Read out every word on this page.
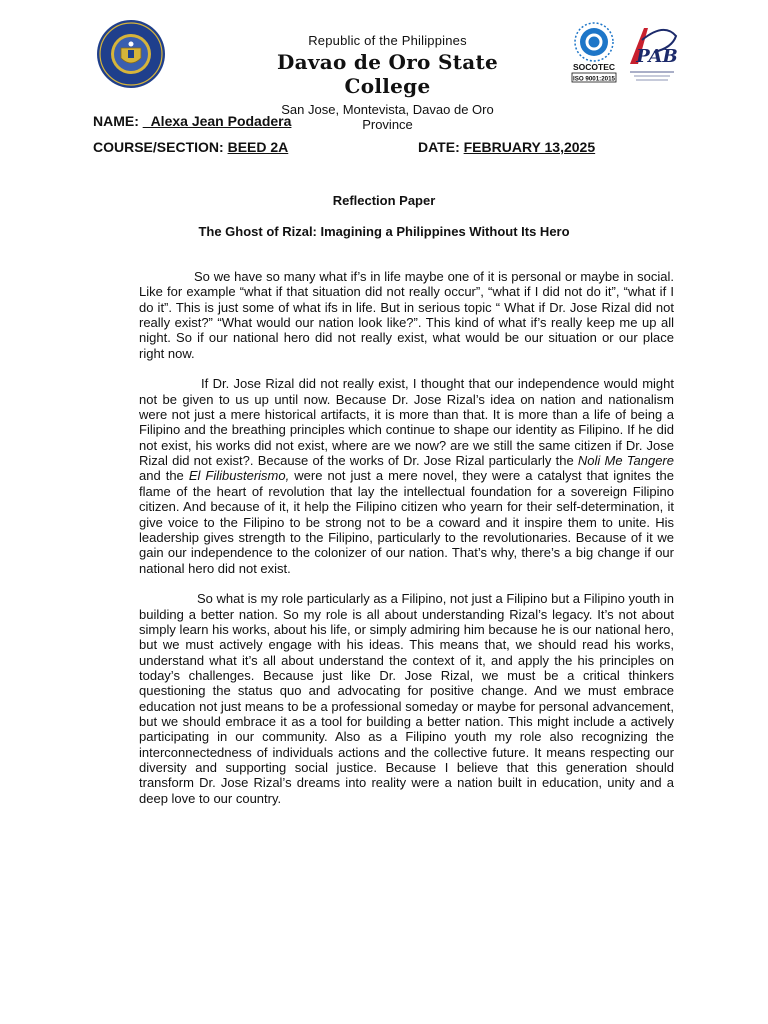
Republic of the Philippines
Davao de Oro State College
San Jose, Montevista, Davao de Oro Province
SOCOTEC
ISO 9001:2015
PAB
NAME: _Alexa Jean Podadera
COURSE/SECTION: BEED 2A	DATE: FEBRUARY 13,2025
Reflection Paper
The Ghost of Rizal: Imagining a Philippines Without Its Hero

So we have so many what if’s in life maybe one of it is personal or maybe in social. Like for example “what if that situation did not really occur”, “what if I did not do it”, “what if I do it”. This is just some of what ifs in life. But in serious topic “ What if Dr. Jose Rizal did not really exist?” “What would our nation look like?”. This kind of what if’s really keep me up all night. So if our national hero did not really exist, what would be our situation or our place right now.

If Dr. Jose Rizal did not really exist, I thought that our independence would might not be given to us up until now. Because Dr. Jose Rizal’s idea on nation and nationalism were not just a mere historical artifacts, it is more than that. It is more than a life of being a Filipino and the breathing principles which continue to shape our identity as Filipino. If he did not exist, his works did not exist, where are we now? are we still the same citizen if Dr. Jose Rizal did not exist?. Because of the works of Dr. Jose Rizal particularly the Noli Me Tangere and the El Filibusterismo, were not just a mere novel, they were a catalyst that ignites the flame of the heart of revolution that lay the intellectual foundation for a sovereign Filipino citizen. And because of it, it help the Filipino citizen who yearn for their self-determination, it give voice to the Filipino to be strong not to be a coward and it inspire them to unite. His leadership gives strength to the Filipino, particularly to the revolutionaries. Because of it we gain our independence to the colonizer of our nation. That’s why, there’s a big change if our national hero did not exist.

So what is my role particularly as a Filipino, not just a Filipino but a Filipino youth in building a better nation. So my role is all about understanding Rizal’s legacy. It’s not about simply learn his works, about his life, or simply admiring him because he is our national hero, but we must actively engage with his ideas. This means that, we should read his works, understand what it’s all about understand the context of it, and apply the his principles on today’s challenges. Because just like Dr. Jose Rizal, we must be a critical thinkers questioning the status quo and advocating for positive change. And we must embrace education not just means to be a professional someday or maybe for personal advancement, but we should embrace it as a tool for building a better nation. This might include a actively participating in our community. Also as a Filipino youth my role also recognizing the interconnectedness of individuals actions and the collective future. It means respecting our diversity and supporting social justice. Because I believe that this generation should transform Dr. Jose Rizal’s dreams into reality were a nation built in education, unity and a deep love to our country.
